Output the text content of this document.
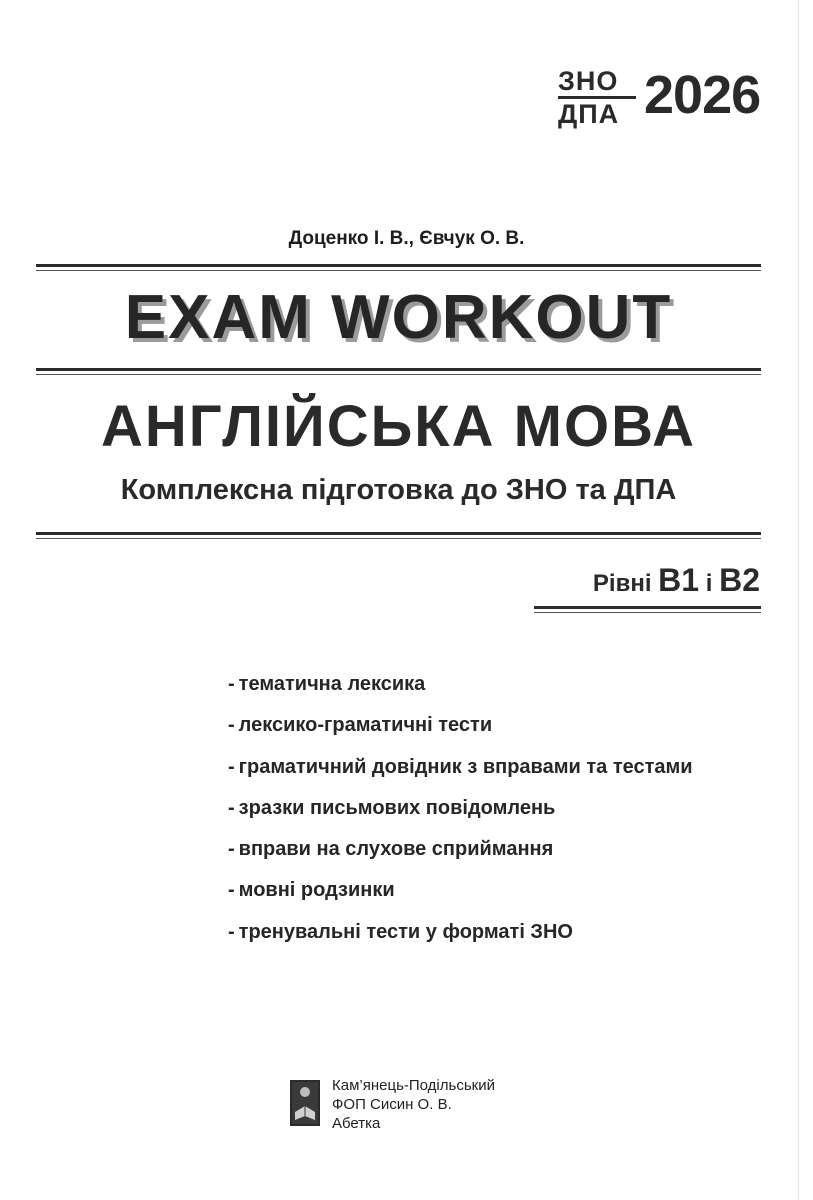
ЗНО
ДПА 2026
Доценко І. В., Євчук О. В.
EXAM WORKOUT
АНГЛІЙСЬКА МОВА
Комплексна підготовка до ЗНО та ДПА
Рівні B1 і B2
- тематична лексика
- лексико-граматичні тести
- граматичний довідник з вправами та тестами
- зразки письмових повідомлень
- вправи на слухове сприймання
- мовні родзинки
- тренувальні тести у форматі ЗНО
Кам’янець-Подільський
ФОП Сисин О. В.
Абетка
